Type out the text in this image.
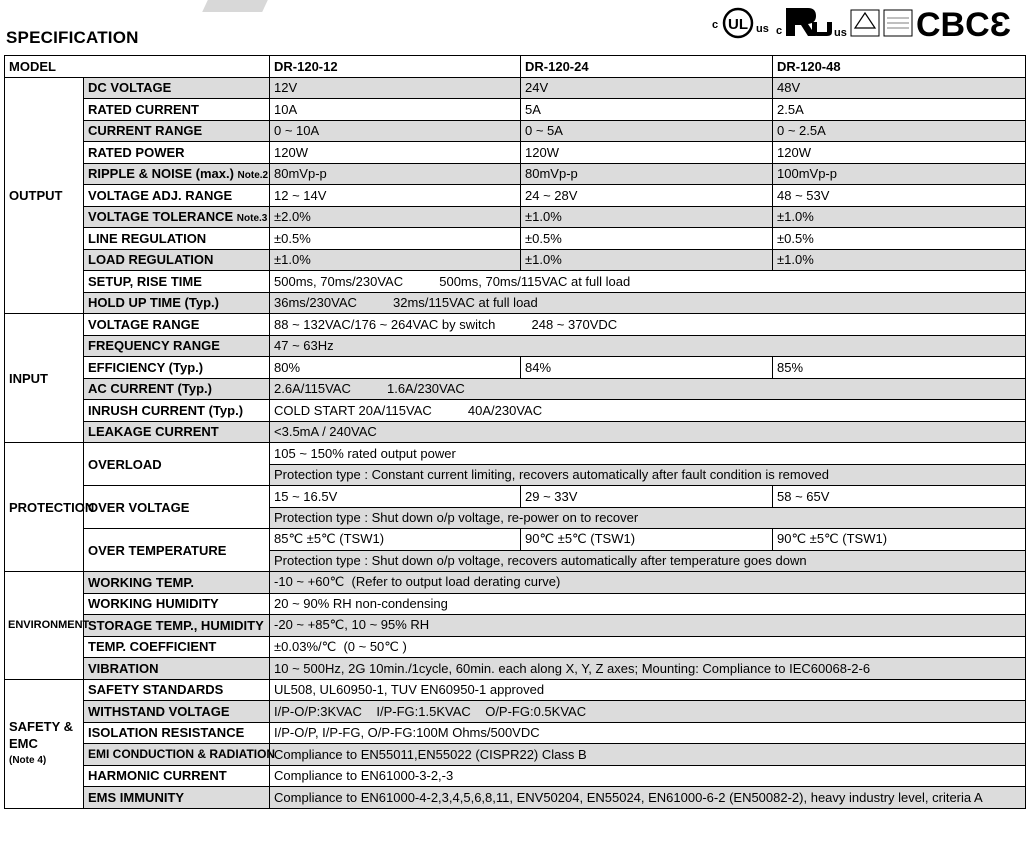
SPECIFICATION
c UL us c	us CBCƐ
MODEL		DR-120-12	DR-120-24	DR-120-48
OUTPUT	DC VOLTAGE	12V	24V	48V
	RATED CURRENT	10A	5A	2.5A
	CURRENT RANGE	0 ~ 10A	0 ~ 5A	0 ~ 2.5A
	RATED POWER	120W	120W	120W
	RIPPLE & NOISE (max.) Note.2	80mVp-p	80mVp-p	100mVp-p
	VOLTAGE ADJ. RANGE	12 ~ 14V	24 ~ 28V	48 ~ 53V
	VOLTAGE TOLERANCE Note.3	±2.0%	±1.0%	±1.0%
	LINE REGULATION	±0.5%	±0.5%	±0.5%
	LOAD REGULATION	±1.0%	±1.0%	±1.0%
	SETUP, RISE TIME	500ms, 70ms/230VAC          500ms, 70ms/115VAC at full load		
	HOLD UP TIME (Typ.)	36ms/230VAC          32ms/115VAC at full load		
INPUT	VOLTAGE RANGE	88 ~ 132VAC/176 ~ 264VAC by switch          248 ~ 370VDC		
	FREQUENCY RANGE	47 ~ 63Hz		
	EFFICIENCY (Typ.)	80%	84%	85%
	AC CURRENT (Typ.)	2.6A/115VAC          1.6A/230VAC		
	INRUSH CURRENT (Typ.)	COLD START 20A/115VAC          40A/230VAC		
	LEAKAGE CURRENT	<3.5mA / 240VAC		
PROTECTION	OVERLOAD	105 ~ 150% rated output power		
		Protection type : Constant current limiting, recovers automatically after fault condition is removed		
	OVER VOLTAGE	15 ~ 16.5V	29 ~ 33V	58 ~ 65V
		Protection type : Shut down o/p voltage, re-power on to recover		
	OVER TEMPERATURE	85℃ ±5℃ (TSW1)	90℃ ±5℃ (TSW1)	90℃ ±5℃ (TSW1)
		Protection type : Shut down o/p voltage, recovers automatically after temperature goes down		
ENVIRONMENT	WORKING TEMP.	-10 ~ +60℃  (Refer to output load derating curve)		
	WORKING HUMIDITY	20 ~ 90% RH non-condensing		
	STORAGE TEMP., HUMIDITY	-20 ~ +85℃, 10 ~ 95% RH		
	TEMP. COEFFICIENT	±0.03%/℃  (0 ~ 50℃ )		
	VIBRATION	10 ~ 500Hz, 2G 10min./1cycle, 60min. each along X, Y, Z axes; Mounting: Compliance to IEC60068-2-6		

SAFETY &
EMC
(Note 4)	SAFETY STANDARDS	UL508, UL60950-1, TUV EN60950-1 approved		
	WITHSTAND VOLTAGE	I/P-O/P:3KVAC    I/P-FG:1.5KVAC    O/P-FG:0.5KVAC		
	ISOLATION RESISTANCE	I/P-O/P, I/P-FG, O/P-FG:100M Ohms/500VDC		
	EMI CONDUCTION & RADIATION	Compliance to EN55011,EN55022 (CISPR22) Class B		
	HARMONIC CURRENT	Compliance to EN61000-3-2,-3		
	EMS IMMUNITY	Compliance to EN61000-4-2,3,4,5,6,8,11, ENV50204, EN55024, EN61000-6-2 (EN50082-2), heavy industry level, criteria A		
